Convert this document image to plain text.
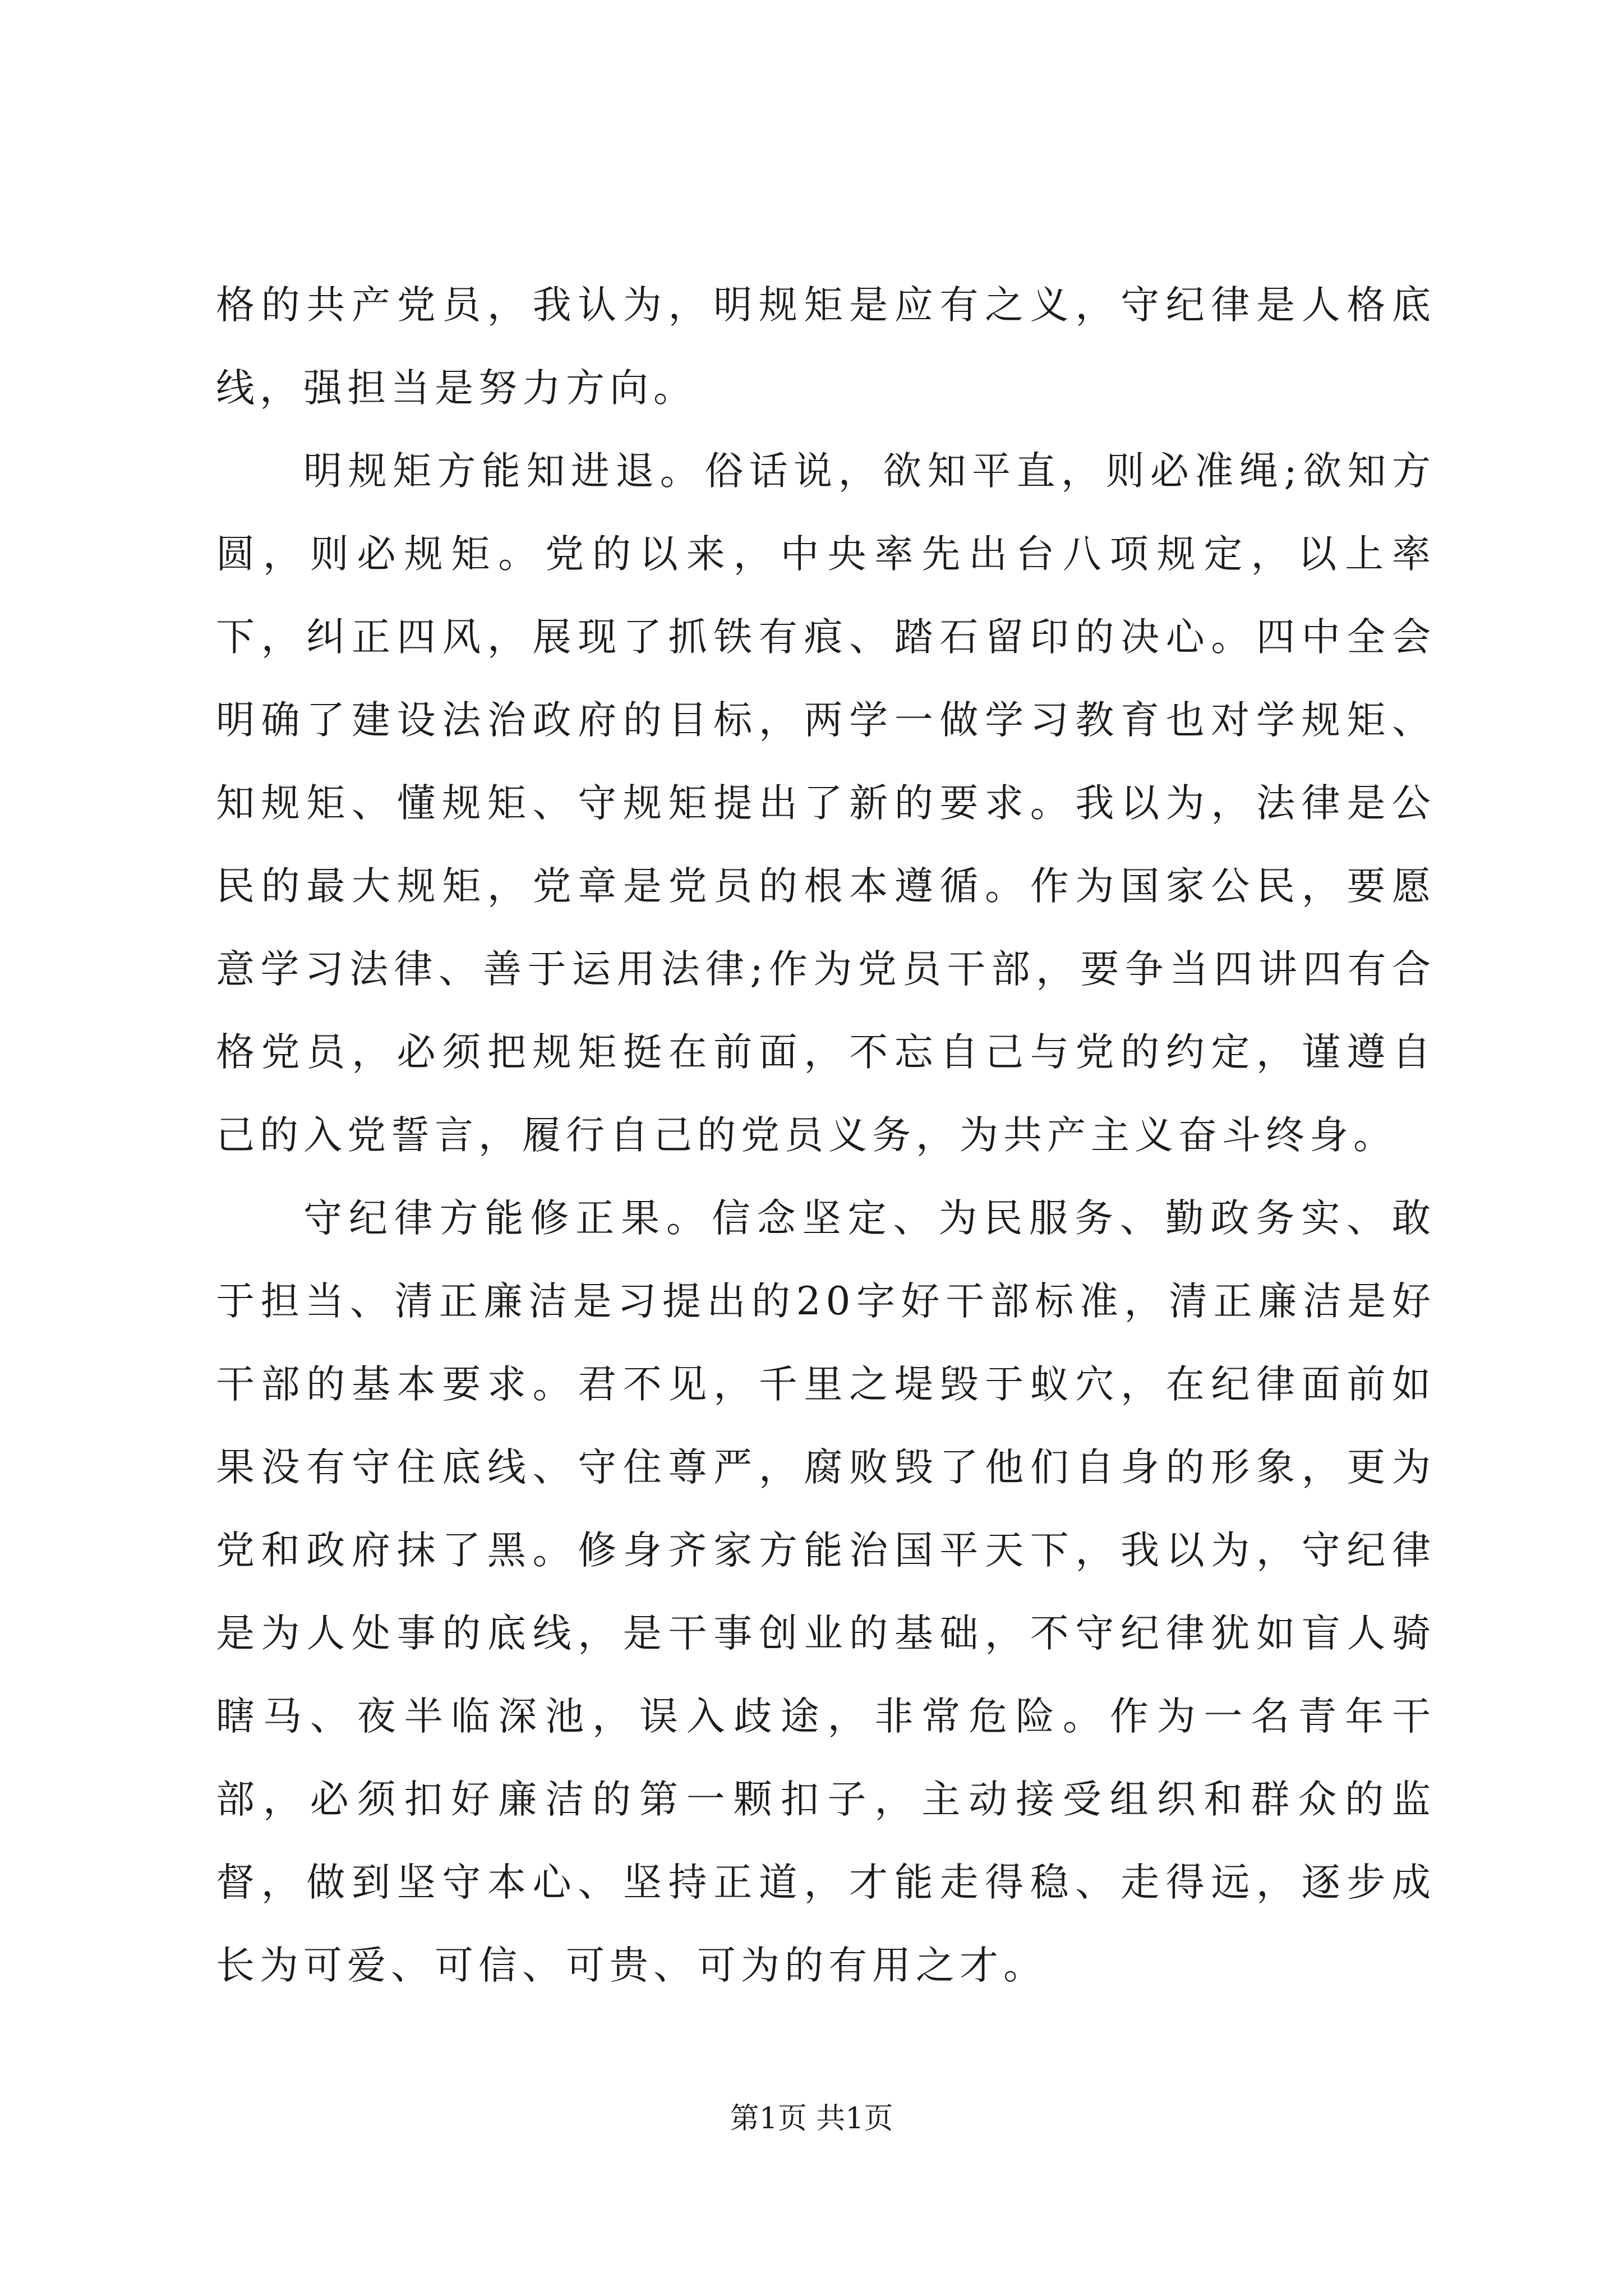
格的共产党员，我认为，明规矩是应有之义，守纪律是人格底线，强担当是努力方向。

明规矩方能知进退。俗话说，欲知平直，则必准绳;欲知方圆，则必规矩。党的以来，中央率先出台八项规定，以上率下，纠正四风，展现了抓铁有痕、踏石留印的决心。四中全会明确了建设法治政府的目标，两学一做学习教育也对学规矩、知规矩、懂规矩、守规矩提出了新的要求。我以为，法律是公民的最大规矩，党章是党员的根本遵循。作为国家公民，要愿意学习法律、善于运用法律;作为党员干部，要争当四讲四有合格党员，必须把规矩挺在前面，不忘自己与党的约定，谨遵自己的入党誓言，履行自己的党员义务，为共产主义奋斗终身。

守纪律方能修正果。信念坚定、为民服务、勤政务实、敢于担当、清正廉洁是习提出的20字好干部标准，清正廉洁是好干部的基本要求。君不见，千里之堤毁于蚁穴，在纪律面前如果没有守住底线、守住尊严，腐败毁了他们自身的形象，更为党和政府抹了黑。修身齐家方能治国平天下，我以为，守纪律是为人处事的底线，是干事创业的基础，不守纪律犹如盲人骑瞎马、夜半临深池，误入歧途，非常危险。作为一名青年干部，必须扣好廉洁的第一颗扣子，主动接受组织和群众的监督，做到坚守本心、坚持正道，才能走得稳、走得远，逐步成长为可爱、可信、可贵、可为的有用之才。

第1页 共1页
